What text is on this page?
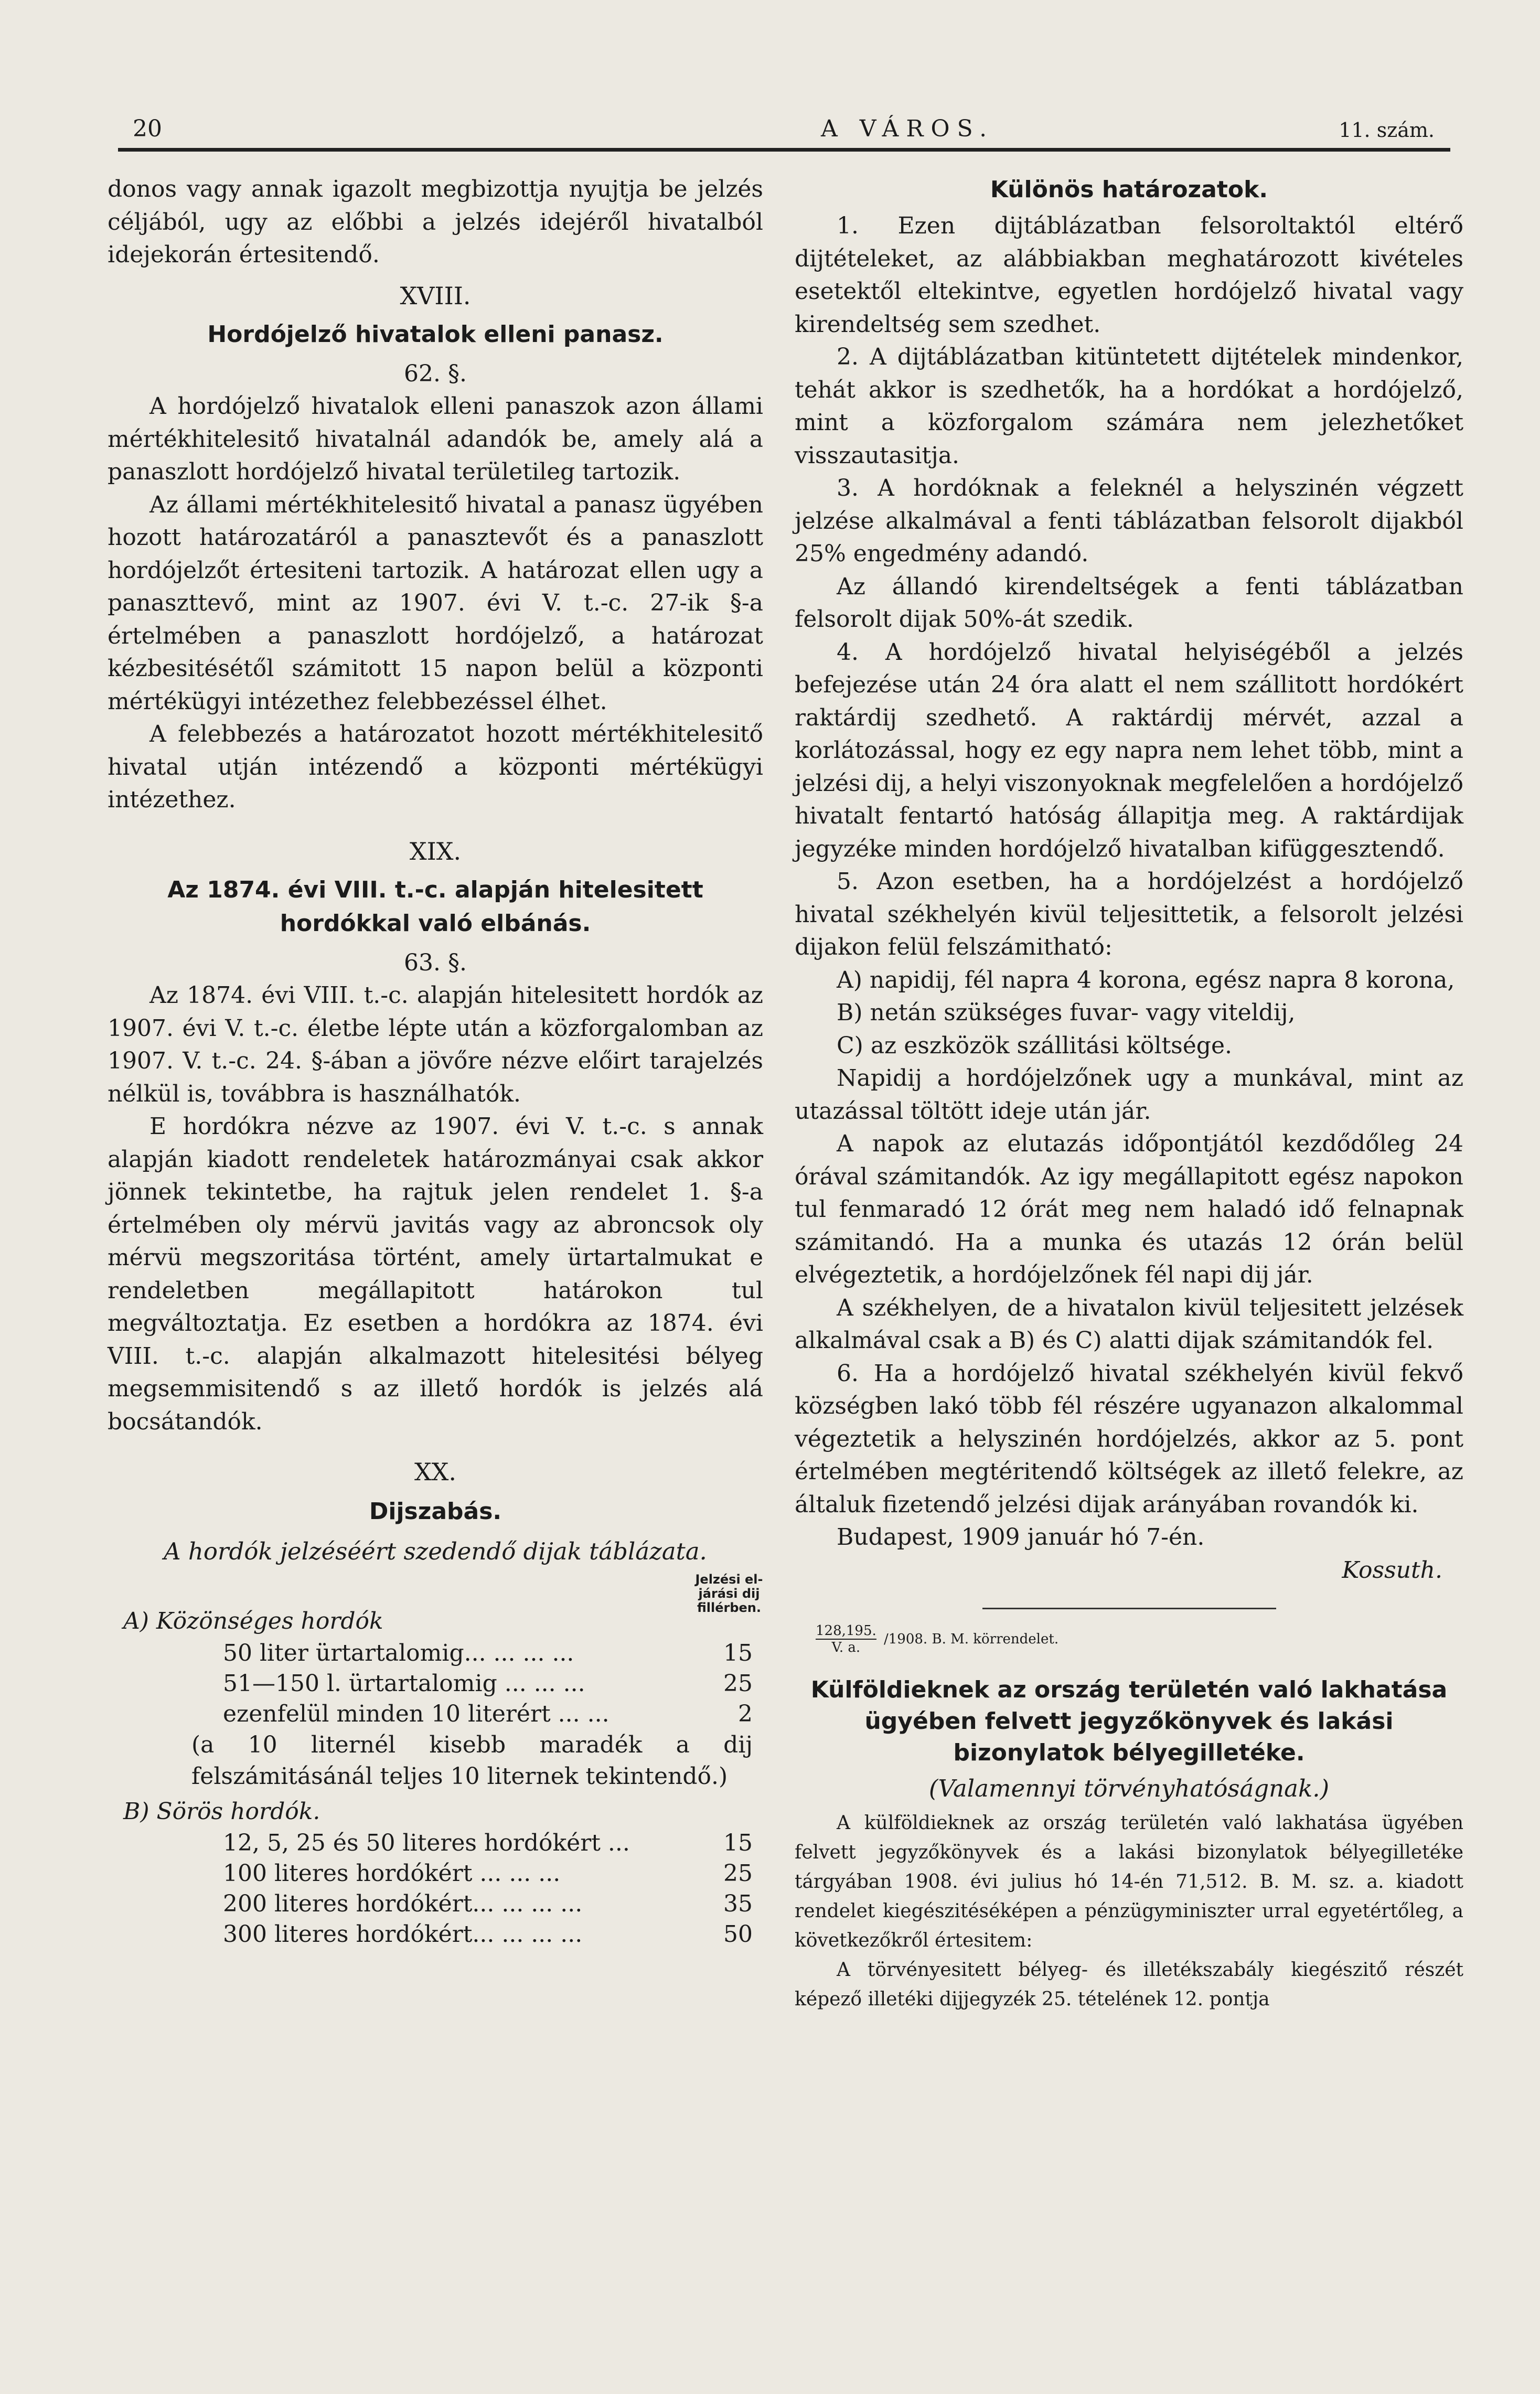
20	A VÁROS.	11. szám.

donos vagy annak igazolt megbizottja nyujtja be jelzés céljából, ugy az előbbi a jelzés idejéről hivatalból idejekorán értesitendő.

XVIII.

Hordójelző hivatalok elleni panasz.

62. §.

A hordójelző hivatalok elleni panaszok azon állami mértékhitelesitő hivatalnál adandók be, amely alá a panaszlott hordójelző hivatal területileg tartozik.

Az állami mértékhitelesitő hivatal a panasz ügyében hozott határozatáról a panasztevőt és a panaszlott hordójelzőt értesiteni tartozik. A határozat ellen ugy a panaszttevő, mint az 1907. évi V. t.-c. 27-ik §-a értelmében a panaszlott hordójelző, a határozat kézbesitésétől számitott 15 napon belül a központi mértékügyi intézethez felebbezéssel élhet.

A felebbezés a határozatot hozott mértékhitelesitő hivatal utján intézendő a központi mértékügyi intézethez.

XIX.

Az 1874. évi VIII. t.-c. alapján hitelesitett

hordókkal való elbánás.

63. §.

Az 1874. évi VIII. t.-c. alapján hitelesitett hordók az 1907. évi V. t.-c. életbe lépte után a közforgalomban az 1907. V. t.-c. 24. §-ában a jövőre nézve előirt tarajelzés nélkül is, továbbra is használhatók.

E hordókra nézve az 1907. évi V. t.-c. s annak alapján kiadott rendeletek határozmányai csak akkor jönnek tekintetbe, ha rajtuk jelen rendelet 1. §-a értelmében oly mérvü javitás vagy az abroncsok oly mérvü megszoritása történt, amely ürtartalmukat e rendeletben megállapitott határokon tul megváltoztatja. Ez esetben a hordókra az 1874. évi VIII. t.-c. alapján alkalmazott hitelesitési bélyeg megsemmisitendő s az illető hordók is jelzés alá bocsátandók.

XX.

Dijszabás.

A hordók jelzéséért szedendő dijak táblázata.

Jelzési el-
járási dij
fillérben.

A) Közönséges hordók

50 liter ürtartalomig... ... ... ...	15
51—150 l. ürtartalomig ... ... ...	25
ezenfelül minden 10 literért ... ...	2

(a 10 liternél kisebb maradék a dij felszámitásánál teljes 10 liternek tekintendő.)

B) Sörös hordók.

12, 5, 25 és 50 literes hordókért ...	15
100 literes hordókért ... ... ...	25
200 literes hordókért... ... ... ...	35
300 literes hordókért... ... ... ...	50

Különös határozatok.

1. Ezen dijtáblázatban felsoroltaktól eltérő dijtételeket, az alábbiakban meghatározott kivételes esetektől eltekintve, egyetlen hordójelző hivatal vagy kirendeltség sem szedhet.

2. A dijtáblázatban kitüntetett dijtételek mindenkor, tehát akkor is szedhetők, ha a hordókat a hordójelző, mint a közforgalom számára nem jelezhetőket visszautasitja.

3. A hordóknak a feleknél a helyszinén végzett jelzése alkalmával a fenti táblázatban felsorolt dijakból 25% engedmény adandó.

Az állandó kirendeltségek a fenti táblázatban felsorolt dijak 50%-át szedik.

4. A hordójelző hivatal helyiségéből a jelzés befejezése után 24 óra alatt el nem szállitott hordókért raktárdij szedhető. A raktárdij mérvét, azzal a korlátozással, hogy ez egy napra nem lehet több, mint a jelzési dij, a helyi viszonyoknak megfelelően a hordójelző hivatalt fentartó hatóság állapitja meg. A raktárdijak jegyzéke minden hordójelző hivatalban kifüggesztendő.

5. Azon esetben, ha a hordójelzést a hordójelző hivatal székhelyén kivül teljesittetik, a felsorolt jelzési dijakon felül felszámitható:

A) napidij, fél napra 4 korona, egész napra 8 korona,

B) netán szükséges fuvar- vagy viteldij,

C) az eszközök szállitási költsége.

Napidij a hordójelzőnek ugy a munkával, mint az utazással töltött ideje után jár.

A napok az elutazás időpontjától kezdődőleg 24 órával számitandók. Az igy megállapitott egész napokon tul fenmaradó 12 órát meg nem haladó idő felnapnak számitandó. Ha a munka és utazás 12 órán belül elvégeztetik, a hordójelzőnek fél napi dij jár.

A székhelyen, de a hivatalon kivül teljesitett jelzések alkalmával csak a B) és C) alatti dijak számitandók fel.

6. Ha a hordójelző hivatal székhelyén kivül fekvő községben lakó több fél részére ugyanazon alkalommal végeztetik a helyszinén hordójelzés, akkor az 5. pont értelmében megtéritendő költségek az illető felekre, az általuk fizetendő jelzési dijak arányában rovandók ki.

Budapest, 1909 január hó 7-én.

Kossuth.

128,195.
V. a.
/1908. B. M. körrendelet.

Külföldieknek az ország területén való lakhatása ügyében felvett jegyzőkönyvek és lakási bizonylatok bélyegilletéke.

(Valamennyi törvényhatóságnak.)

A külföldieknek az ország területén való lakhatása ügyében felvett jegyzőkönyvek és a lakási bizonylatok bélyegilletéke tárgyában 1908. évi julius hó 14-én 71,512. B. M. sz. a. kiadott rendelet kiegészitéséképen a pénzügyminiszter urral egyetértőleg, a következőkről értesitem:

A törvényesitett bélyeg- és illetékszabály kiegészitő részét képező illetéki dijjegyzék 25. tételének 12. pontja
